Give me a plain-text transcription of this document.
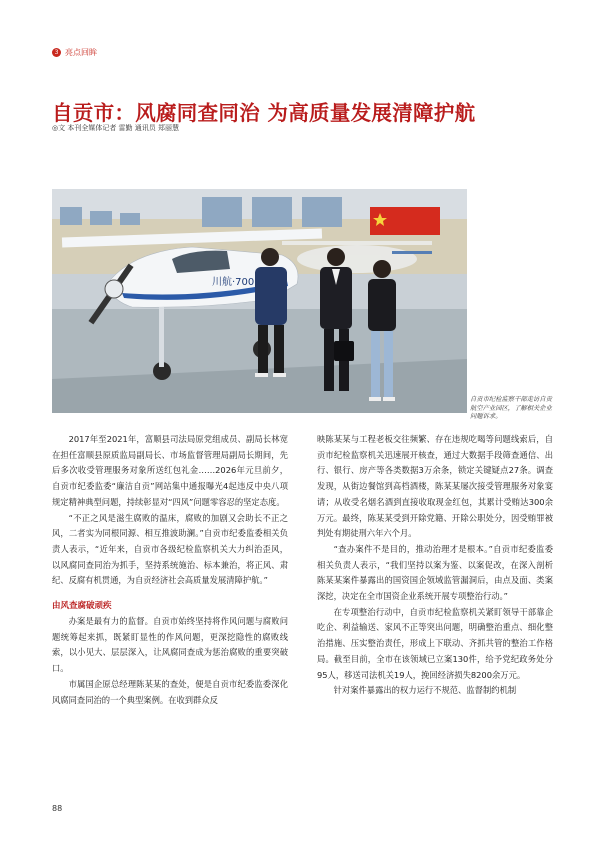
3 亮点回眸
自贡市：风腐同查同治 为高质量发展清障护航
◎文 本刊全媒体记者 雷勤 通讯员 郑丽慧
川航·700
自贡市纪检监察干部走访自贡航空产业园区，了解相关企业问题诉求。

2017年至2021年，富顺县司法局原党组成员、副局长林宽在担任富顺县原质监局副局长、市场监督管理局副局长期间，先后多次收受管理服务对象所送红包礼金……2026年元旦前夕，自贡市纪委监委“廉洁自贡”网站集中通报曝光4起违反中央八项规定精神典型问题，持续彰显对“四风”问题零容忍的坚定态度。

“不正之风是滋生腐败的温床，腐败的加剧又会助长不正之风，二者实为同根同源、相互推波助澜。”自贡市纪委监委相关负责人表示，“近年来，自贡市各级纪检监察机关大力纠治歪风，以风腐同查同治为抓手，坚持系统施治、标本兼治，将正风、肃纪、反腐有机贯通，为自贡经济社会高质量发展清障护航。”

由风查腐破顽疾

办案是最有力的监督。自贡市始终坚持将作风问题与腐败问题统筹起来抓，既紧盯显性的作风问题，更深挖隐性的腐败线索，以小见大、层层深入，让风腐同查成为惩治腐败的重要突破口。

市属国企原总经理陈某某的查处，便是自贡市纪委监委深化风腐同查同治的一个典型案例。在收到群众反

映陈某某与工程老板交往频繁、存在违规吃喝等问题线索后，自贡市纪检监察机关迅速展开核查，通过大数据手段筛查通信、出行、银行、房产等各类数据3万余条，锁定关键疑点27条。调查发现，从街边餐馆到高档酒楼，陈某某屡次接受管理服务对象宴请；从收受名烟名酒到直接收取现金红包，其累计受贿达300余万元。最终，陈某某受到开除党籍、开除公职处分，因受贿罪被判处有期徒刑六年六个月。

“查办案件不是目的，推动治理才是根本。”自贡市纪委监委相关负责人表示，“我们坚持以案为鉴、以案促改，在深入剖析陈某某案件暴露出的国资国企领域监管漏洞后，由点及面、类案深挖，决定在全市国资企业系统开展专项整治行动。”

在专项整治行动中，自贡市纪检监察机关紧盯领导干部靠企吃企、利益输送、家风不正等突出问题，明确整治重点、细化整治措施、压实整治责任，形成上下联动、齐抓共管的整治工作格局。截至目前，全市在该领域已立案130件，给予党纪政务处分95人，移送司法机关19人，挽回经济损失8200余万元。

针对案件暴露出的权力运行不规范、监督制约机制

88
